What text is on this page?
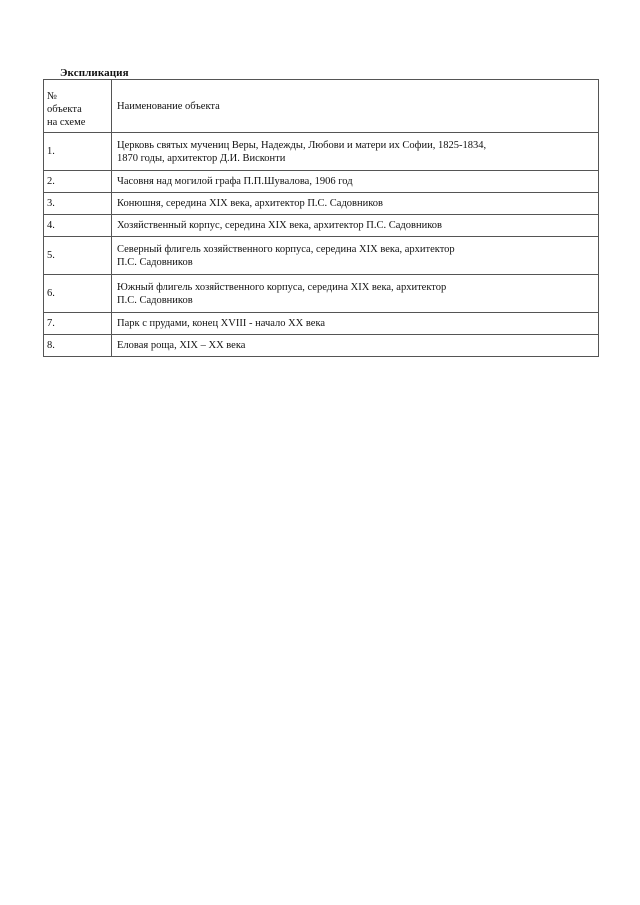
Экспликация
№
объекта
на схеме	Наименование объекта
1.	Церковь святых мучениц Веры, Надежды, Любови и матери их Софии, 1825-1834,
1870 годы, архитектор Д.И. Висконти
2.	Часовня над могилой графа П.П.Шувалова, 1906 год
3.	Конюшня, середина XIX века, архитектор П.С. Садовников
4.	Хозяйственный корпус, середина XIX века, архитектор П.С. Садовников
5.	Северный флигель хозяйственного корпуса, середина XIX века, архитектор
П.С. Садовников
6.	Южный флигель хозяйственного корпуса, середина XIX века, архитектор
П.С. Садовников
7.	Парк с прудами, конец XVIII - начало XX века
8.	Еловая роща, XIX – XX века
